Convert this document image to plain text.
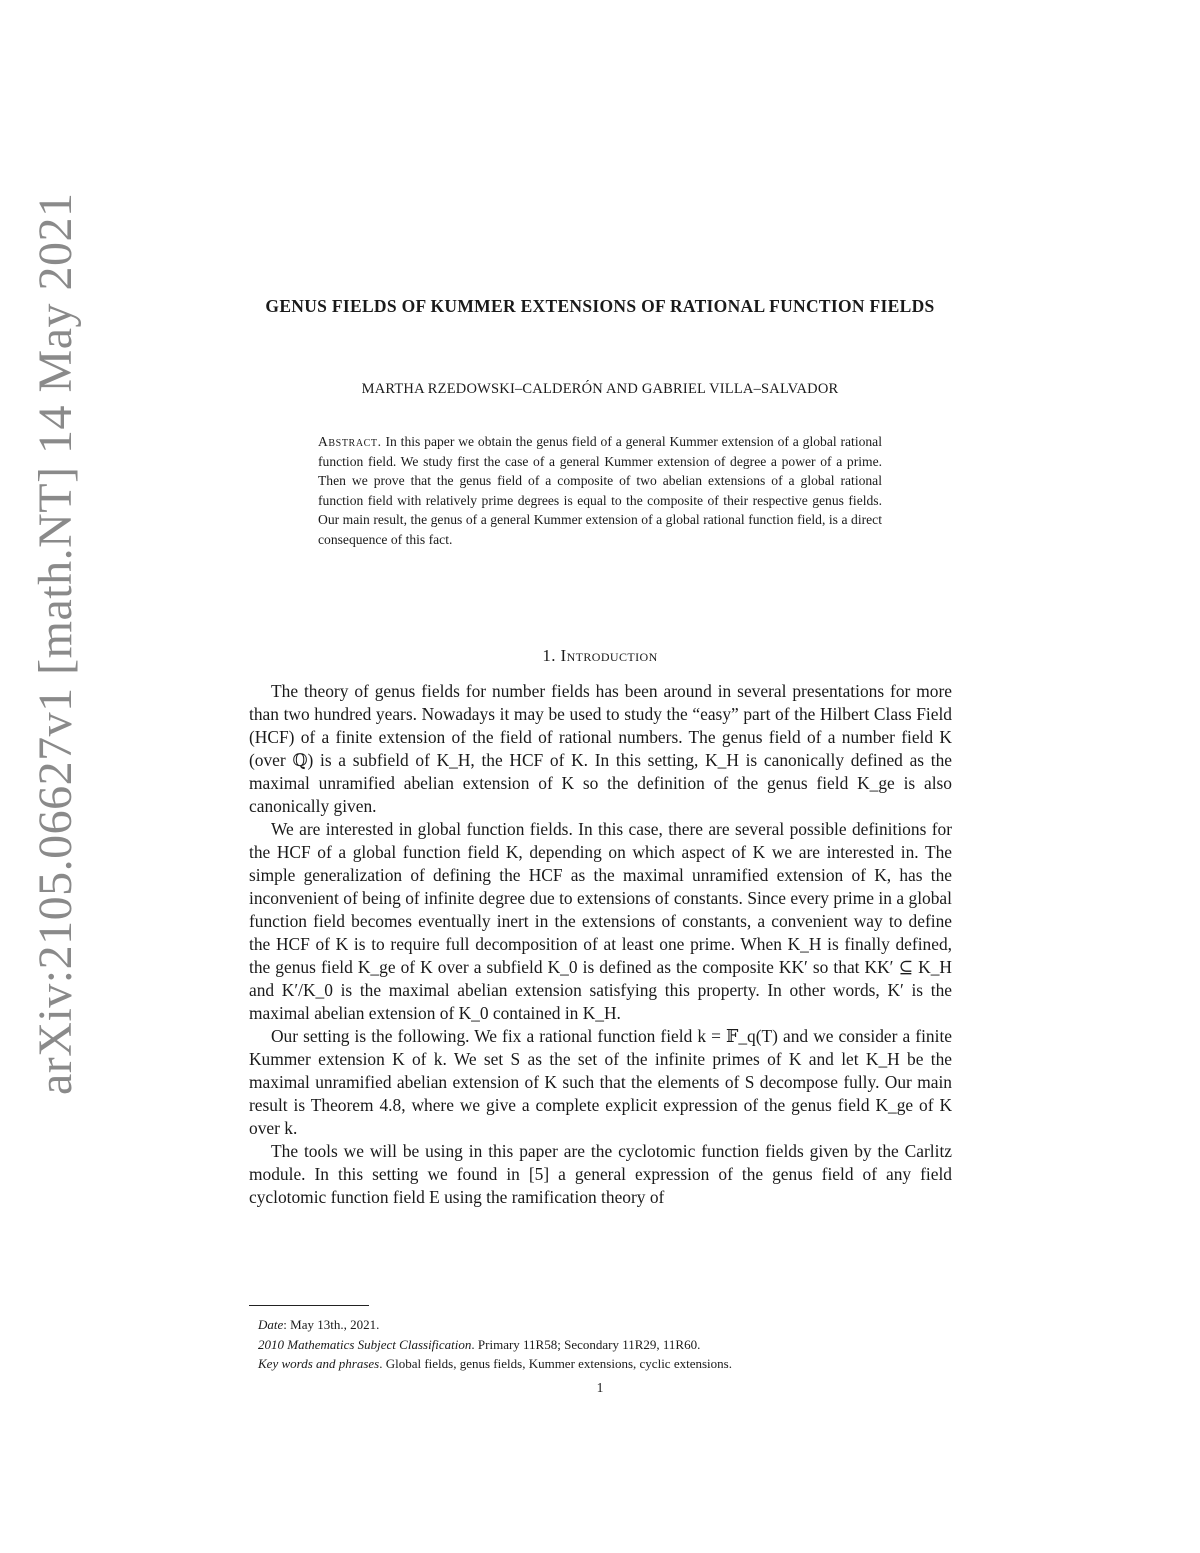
arXiv:2105.06627v1 [math.NT] 14 May 2021	GENUS FIELDS OF KUMMER EXTENSIONS OF RATIONAL FUNCTION FIELDS
MARTHA RZEDOWSKI–CALDERÓN AND GABRIEL VILLA–SALVADOR
Abstract. In this paper we obtain the genus field of a general Kummer extension of a global rational function field. We study first the case of a general Kummer extension of degree a power of a prime. Then we prove that the genus field of a composite of two abelian extensions of a global rational function field with relatively prime degrees is equal to the composite of their respective genus fields. Our main result, the genus of a general Kummer extension of a global rational function field, is a direct consequence of this fact.
1. Introduction

The theory of genus fields for number fields has been around in several presentations for more than two hundred years. Nowadays it may be used to study the “easy” part of the Hilbert Class Field (HCF) of a finite extension of the field of rational numbers. The genus field of a number field K (over ℚ) is a subfield of K_H, the HCF of K. In this setting, K_H is canonically defined as the maximal unramified abelian extension of K so the definition of the genus field K_ge is also canonically given.

We are interested in global function fields. In this case, there are several possible definitions for the HCF of a global function field K, depending on which aspect of K we are interested in. The simple generalization of defining the HCF as the maximal unramified extension of K, has the inconvenient of being of infinite degree due to extensions of constants. Since every prime in a global function field becomes eventually inert in the extensions of constants, a convenient way to define the HCF of K is to require full decomposition of at least one prime. When K_H is finally defined, the genus field K_ge of K over a subfield K_0 is defined as the composite KK′ so that KK′ ⊆ K_H and K′/K_0 is the maximal abelian extension satisfying this property. In other words, K′ is the maximal abelian extension of K_0 contained in K_H.

Our setting is the following. We fix a rational function field k = 𝔽_q(T) and we consider a finite Kummer extension K of k. We set S as the set of the infinite primes of K and let K_H be the maximal unramified abelian extension of K such that the elements of S decompose fully. Our main result is Theorem 4.8, where we give a complete explicit expression of the genus field K_ge of K over k.

The tools we will be using in this paper are the cyclotomic function fields given by the Carlitz module. In this setting we found in [5] a general expression of the genus field of any field cyclotomic function field E using the ramification theory of

Date: May 13th., 2021.
2010 Mathematics Subject Classification. Primary 11R58; Secondary 11R29, 11R60.
Key words and phrases. Global fields, genus fields, Kummer extensions, cyclic extensions.
1
